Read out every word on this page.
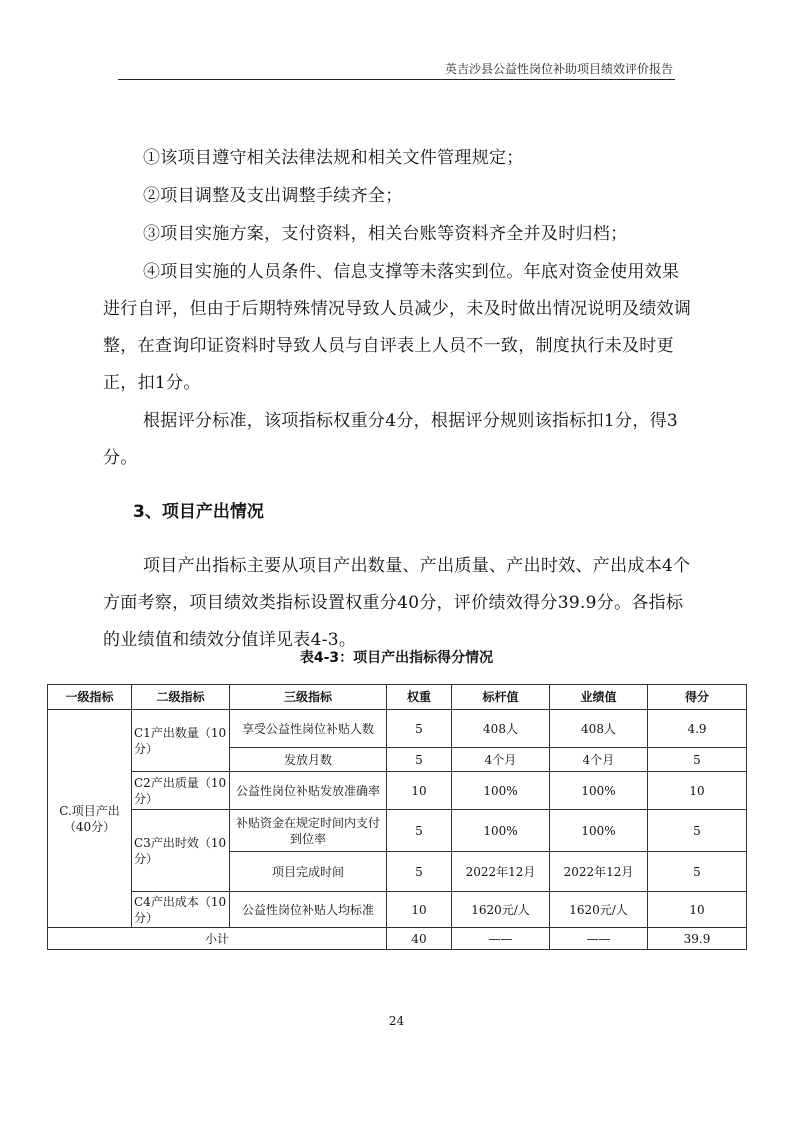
英吉沙县公益性岗位补助项目绩效评价报告

①该项目遵守相关法律法规和相关文件管理规定；

②项目调整及支出调整手续齐全；

③项目实施方案，支付资料，相关台账等资料齐全并及时归档；

④项目实施的人员条件、信息支撑等未落实到位。年底对资金使用效果进行自评，但由于后期特殊情况导致人员减少，未及时做出情况说明及绩效调整，在查询印证资料时导致人员与自评表上人员不一致，制度执行未及时更正，扣1分。

根据评分标准，该项指标权重分4分，根据评分规则该指标扣1分，得3分。

3、项目产出情况

项目产出指标主要从项目产出数量、产出质量、产出时效、产出成本4个方面考察，项目绩效类指标设置权重分40分，评价绩效得分39.9分。各指标的业绩值和绩效分值详见表4-3。

表4-3：项目产出指标得分情况
一级指标	二级指标	三级指标	权重	标杆值	业绩值	得分
C.项目产出（40分）	C1产出数量（10分）	享受公益性岗位补贴人数	5	408人	408人	4.9
		发放月数	5	4个月	4个月	5
	C2产出质量（10分）	公益性岗位补贴发放准确率	10	100%	100%	10
	C3产出时效（10分）	补贴资金在规定时间内支付到位率	5	100%	100%	5
		项目完成时间	5	2022年12月	2022年12月	5
	C4产出成本（10分）	公益性岗位补贴人均标准	10	1620元/人	1620元/人	10
小计			40	——	——	39.9
24
